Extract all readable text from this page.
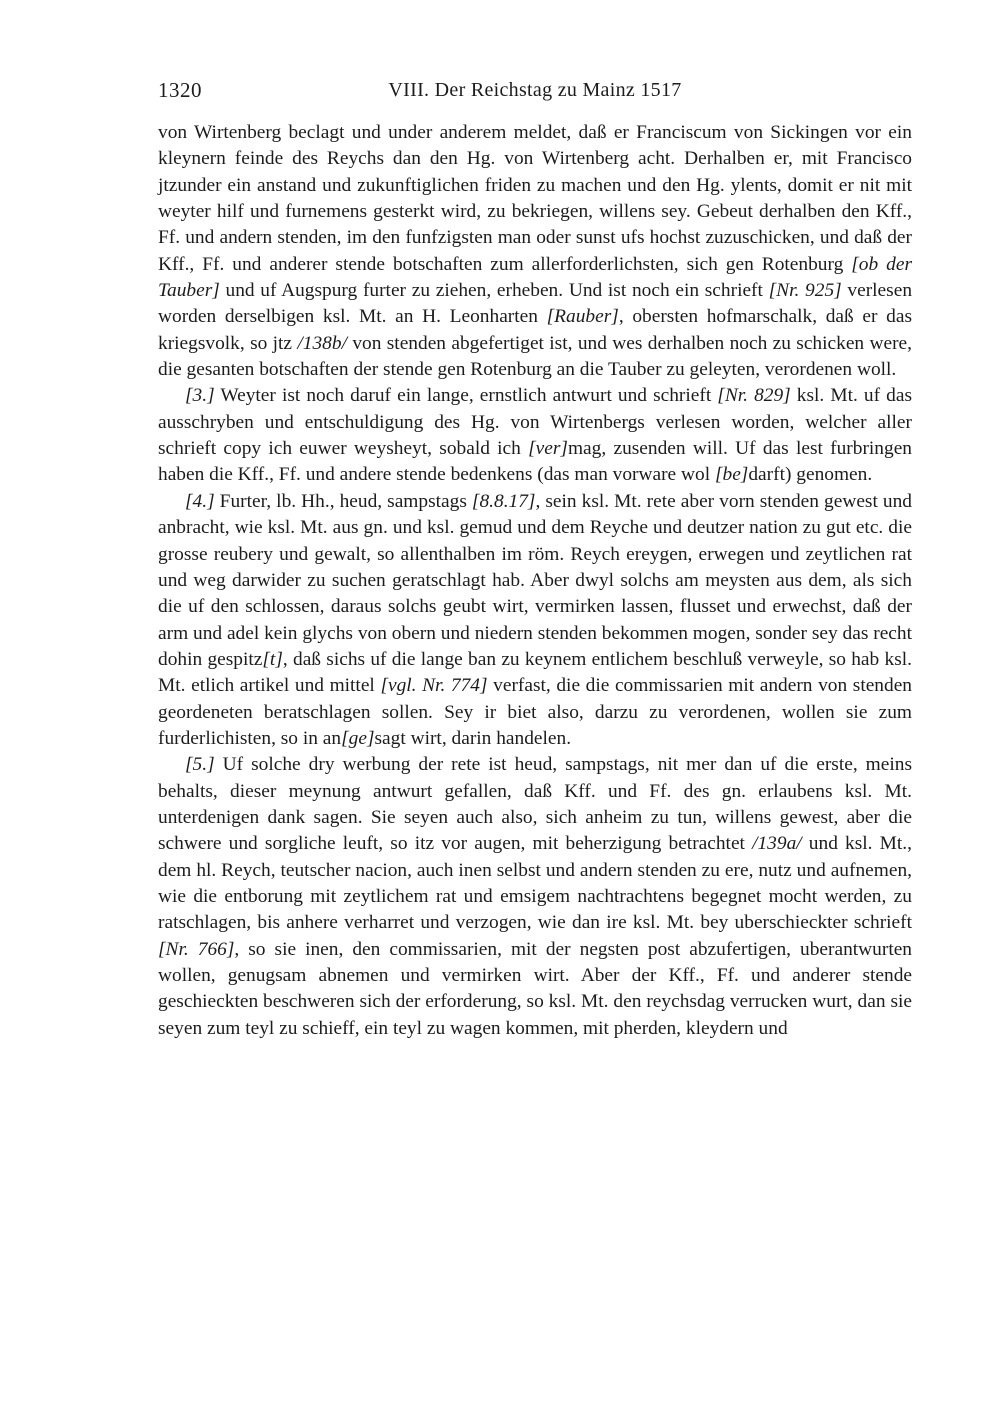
1320	VIII. Der Reichstag zu Mainz 1517

von Wirtenberg beclagt und under anderem meldet, daß er Franciscum von Sickingen vor ein kleynern feinde des Reychs dan den Hg. von Wirtenberg acht. Derhalben er, mit Francisco jtzunder ein anstand und zukunftiglichen friden zu machen und den Hg. ylents, domit er nit mit weyter hilf und furnemens gesterkt wird, zu bekriegen, willens sey. Gebeut derhalben den Kff., Ff. und andern stenden, im den funfzigsten man oder sunst ufs hochst zuzuschicken, und daß der Kff., Ff. und anderer stende botschaften zum allerforderlichsten, sich gen Rotenburg [ob der Tauber] und uf Augspurg furter zu ziehen, erheben. Und ist noch ein schrieft [Nr. 925] verlesen worden derselbigen ksl. Mt. an H. Leonharten [Rauber], obersten hofmarschalk, daß er das kriegsvolk, so jtz /138b/ von stenden abgefertiget ist, und wes derhalben noch zu schicken were, die gesanten botschaften der stende gen Rotenburg an die Tauber zu geleyten, verordenen woll.

[3.] Weyter ist noch daruf ein lange, ernstlich antwurt und schrieft [Nr. 829] ksl. Mt. uf das ausschryben und entschuldigung des Hg. von Wirtenbergs verlesen worden, welcher aller schrieft copy ich euwer weysheyt, sobald ich [ver]mag, zusenden will. Uf das lest furbringen haben die Kff., Ff. und andere stende bedenkens (das man vorware wol [be]darft) genomen.

[4.] Furter, lb. Hh., heud, sampstags [8.8.17], sein ksl. Mt. rete aber vorn stenden gewest und anbracht, wie ksl. Mt. aus gn. und ksl. gemud und dem Reyche und deutzer nation zu gut etc. die grosse reubery und gewalt, so allenthalben im röm. Reych ereygen, erwegen und zeytlichen rat und weg darwider zu suchen geratschlagt hab. Aber dwyl solchs am meysten aus dem, als sich die uf den schlossen, daraus solchs geubt wirt, vermirken lassen, flusset und erwechst, daß der arm und adel kein glychs von obern und niedern stenden bekommen mogen, sonder sey das recht dohin gespitz[t], daß sichs uf die lange ban zu keynem entlichem beschluß verweyle, so hab ksl. Mt. etlich artikel und mittel [vgl. Nr. 774] verfast, die die commissarien mit andern von stenden geordeneten beratschlagen sollen. Sey ir biet also, darzu zu verordenen, wollen sie zum furderlichisten, so in an[ge]sagt wirt, darin handelen.

[5.] Uf solche dry werbung der rete ist heud, sampstags, nit mer dan uf die erste, meins behalts, dieser meynung antwurt gefallen, daß Kff. und Ff. des gn. erlaubens ksl. Mt. unterdenigen dank sagen. Sie seyen auch also, sich anheim zu tun, willens gewest, aber die schwere und sorgliche leuft, so itz vor augen, mit beherzigung betrachtet /139a/ und ksl. Mt., dem hl. Reych, teutscher nacion, auch inen selbst und andern stenden zu ere, nutz und aufnemen, wie die entborung mit zeytlichem rat und emsigem nachtrachtens begegnet mocht werden, zu ratschlagen, bis anhere verharret und verzogen, wie dan ire ksl. Mt. bey uberschieckter schrieft [Nr. 766], so sie inen, den commissarien, mit der negsten post abzufertigen, uberantwurten wollen, genugsam abnemen und vermirken wirt. Aber der Kff., Ff. und anderer stende geschieckten beschweren sich der erforderung, so ksl. Mt. den reychsdag verrucken wurt, dan sie seyen zum teyl zu schieff, ein teyl zu wagen kommen, mit pherden, kleydern und
